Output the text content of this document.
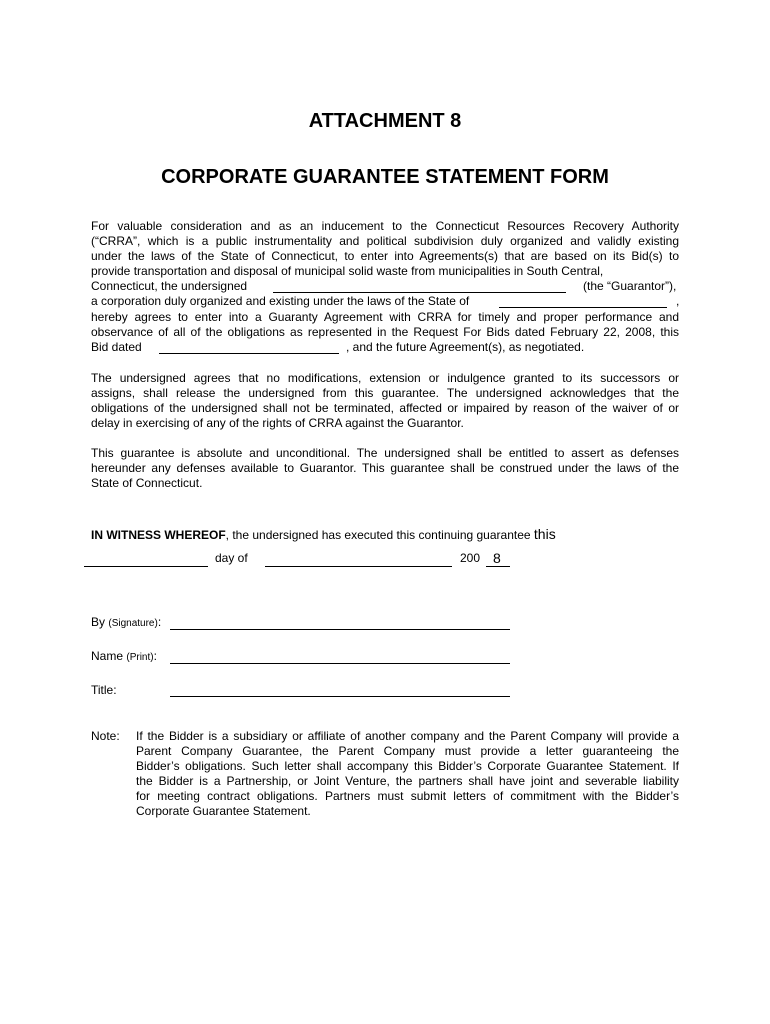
ATTACHMENT 8
CORPORATE GUARANTEE STATEMENT FORM
For valuable consideration and as an inducement to the Connecticut Resources Recovery Authority
(“CRRA”, which is a public instrumentality and political subdivision duly organized and validly existing
under the laws of the State of Connecticut, to enter into Agreements(s) that are based on its Bid(s) to
provide transportation and disposal of municipal solid waste from municipalities in South Central,
Connecticut, the undersigned	(the “Guarantor”),
a corporation duly organized and existing under the laws of the State of	,
hereby agrees to enter into a Guaranty Agreement with CRRA for timely and proper performance and
observance of all of the obligations as represented in the Request For Bids dated February 22, 2008, this
Bid dated	, and the future Agreement(s), as negotiated.
The undersigned agrees that no modifications, extension or indulgence granted to its successors or
assigns, shall release the undersigned from this guarantee. The undersigned acknowledges that the
obligations of the undersigned shall not be terminated, affected or impaired by reason of the waiver of or
delay in exercising of any of the rights of CRRA against the Guarantor.
This guarantee is absolute and unconditional. The undersigned shall be entitled to assert as defenses
hereunder any defenses available to Guarantor. This guarantee shall be construed under the laws of the
State of Connecticut.
IN WITNESS WHEREOF, the undersigned has executed this continuing guarantee this
day of	200 8
By (Signature):
Name (Print):
Title:
Note: If the Bidder is a subsidiary or affiliate of another company and the Parent Company will provide a
Parent Company Guarantee, the Parent Company must provide a letter guaranteeing the
Bidder’s obligations. Such letter shall accompany this Bidder’s Corporate Guarantee Statement. If
the Bidder is a Partnership, or Joint Venture, the partners shall have joint and severable liability
for meeting contract obligations. Partners must submit letters of commitment with the Bidder’s
Corporate Guarantee Statement.
